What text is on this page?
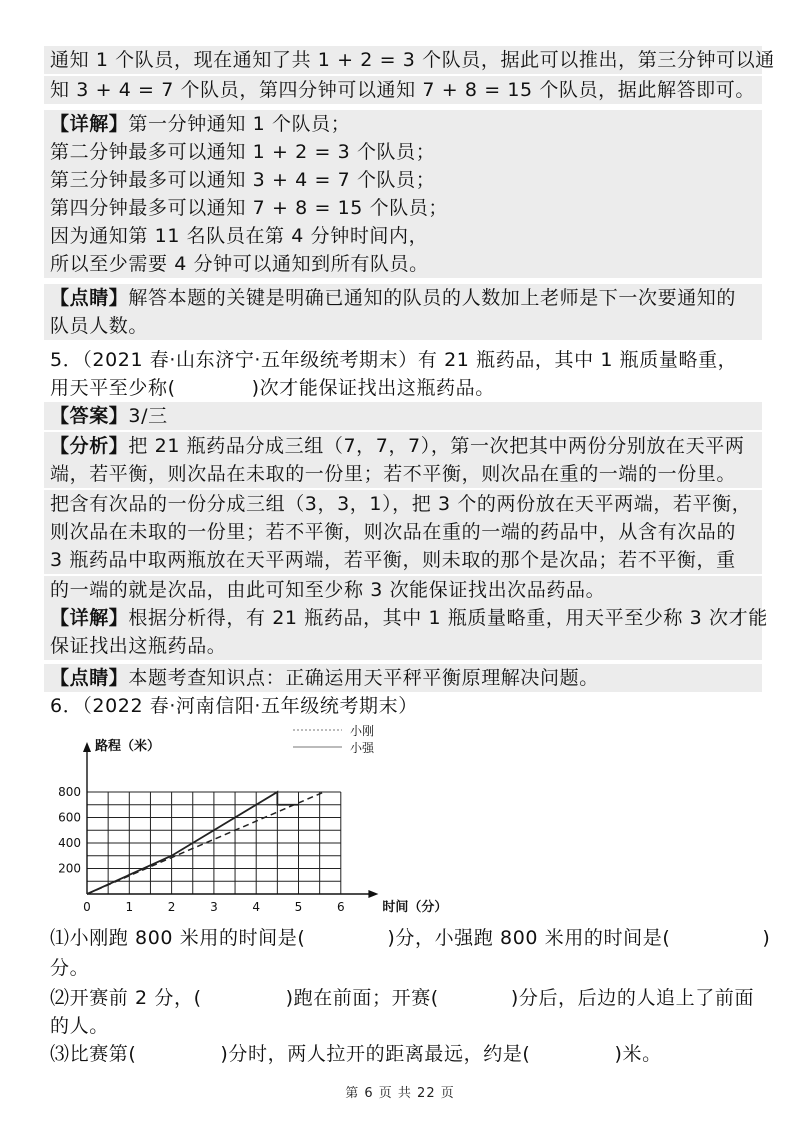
通知 1 个队员，现在通知了共 1 + 2 = 3 个队员，据此可以推出，第三分钟可以通
知 3 + 4 = 7 个队员，第四分钟可以通知 7 + 8 = 15 个队员，据此解答即可。
【详解】第一分钟通知 1 个队员；
第二分钟最多可以通知 1 + 2 = 3 个队员；
第三分钟最多可以通知 3 + 4 = 7 个队员；
第四分钟最多可以通知 7 + 8 = 15 个队员；
因为通知第 11 名队员在第 4 分钟时间内，
所以至少需要 4 分钟可以通知到所有队员。
【点睛】解答本题的关键是明确已通知的队员的人数加上老师是下一次要通知的
队员人数。
5．（2021 春·山东济宁·五年级统考期末）有 21 瓶药品，其中 1 瓶质量略重，
用天平至少称(	)次才能保证找出这瓶药品。
【答案】3/三
【分析】把 21 瓶药品分成三组（7，7，7），第一次把其中两份分别放在天平两
端，若平衡，则次品在未取的一份里；若不平衡，则次品在重的一端的一份里。
把含有次品的一份分成三组（3，3，1），把 3 个的两份放在天平两端，若平衡，
则次品在未取的一份里；若不平衡，则次品在重的一端的药品中，从含有次品的
3 瓶药品中取两瓶放在天平两端，若平衡，则未取的那个是次品；若不平衡，重
的一端的就是次品，由此可知至少称 3 次能保证找出次品药品。
【详解】根据分析得，有 21 瓶药品，其中 1 瓶质量略重，用天平至少称 3 次才能
保证找出这瓶药品。
【点睛】本题考查知识点：正确运用天平秤平衡原理解决问题。
6．（2022 春·河南信阳·五年级统考期末）
0	1	2	3	4	5	6
200
400
600
800
路程（米）
时间（分）
小刚
小强
⑴小刚跑 800 米用的时间是(	)分，小强跑 800 米用的时间是(	)
分。
⑵开赛前 2 分，(	)跑在前面；开赛(	)分后，后边的人追上了前面
的人。
⑶比赛第(	)分时，两人拉开的距离最远，约是(	)米。
第 6 页 共 22 页
